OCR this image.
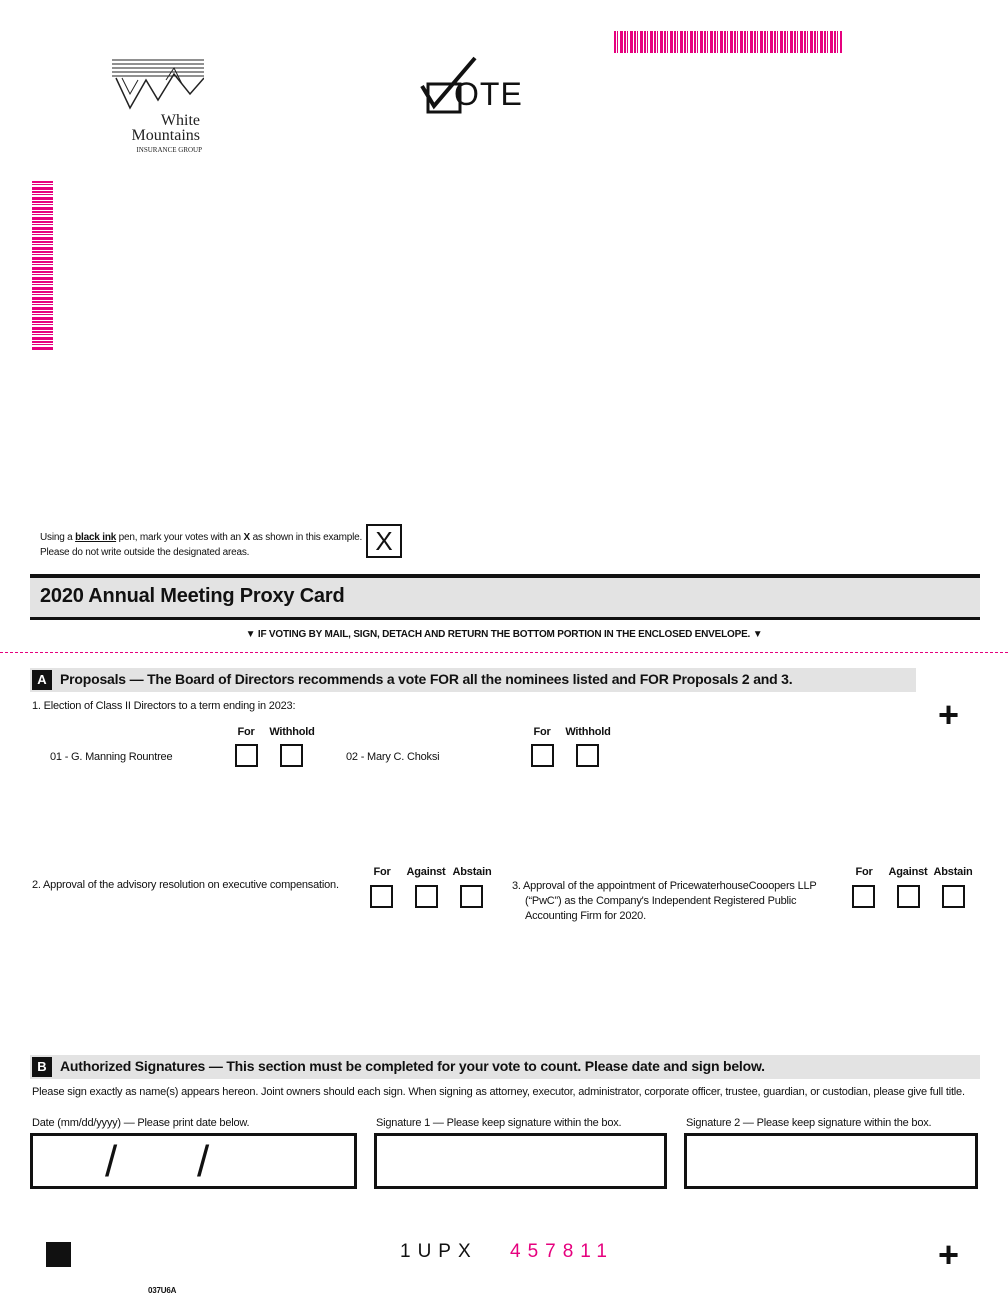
White
Mountains
INSURANCE GROUP
OTE
Using a black ink pen, mark your votes with an X as shown in this example.
Please do not write outside the designated areas.	X
2020 Annual Meeting Proxy Card
▼ IF VOTING BY MAIL, SIGN, DETACH AND RETURN THE BOTTOM PORTION IN THE ENCLOSED ENVELOPE. ▼
A Proposals — The Board of Directors recommends a vote FOR all the nominees listed and FOR Proposals 2 and 3.
+
1. Election of Class II Directors to a term ending in 2023:
For	Withhold
01 - G. Manning Rountree
For	Withhold
02 - Mary C. Choksi
2. Approval of the advisory resolution on executive compensation.
For	Against Abstain
3. Approval of the appointment of PricewaterhouseCooopers LLP
(“PwC”) as the Company's Independent Registered Public
Accounting Firm for 2020.
For	Against Abstain
B Authorized Signatures — This section must be completed for your vote to count. Please date and sign below.
Please sign exactly as name(s) appears hereon. Joint owners should each sign. When signing as attorney, executor, administrator, corporate officer, trustee, guardian, or custodian, please give full title.
Date (mm/dd/yyyy) — Please print date below.	Signature 1 — Please keep signature within the box.	Signature 2 — Please keep signature within the box.
/ /
1UPX 457811	+
037U6A
